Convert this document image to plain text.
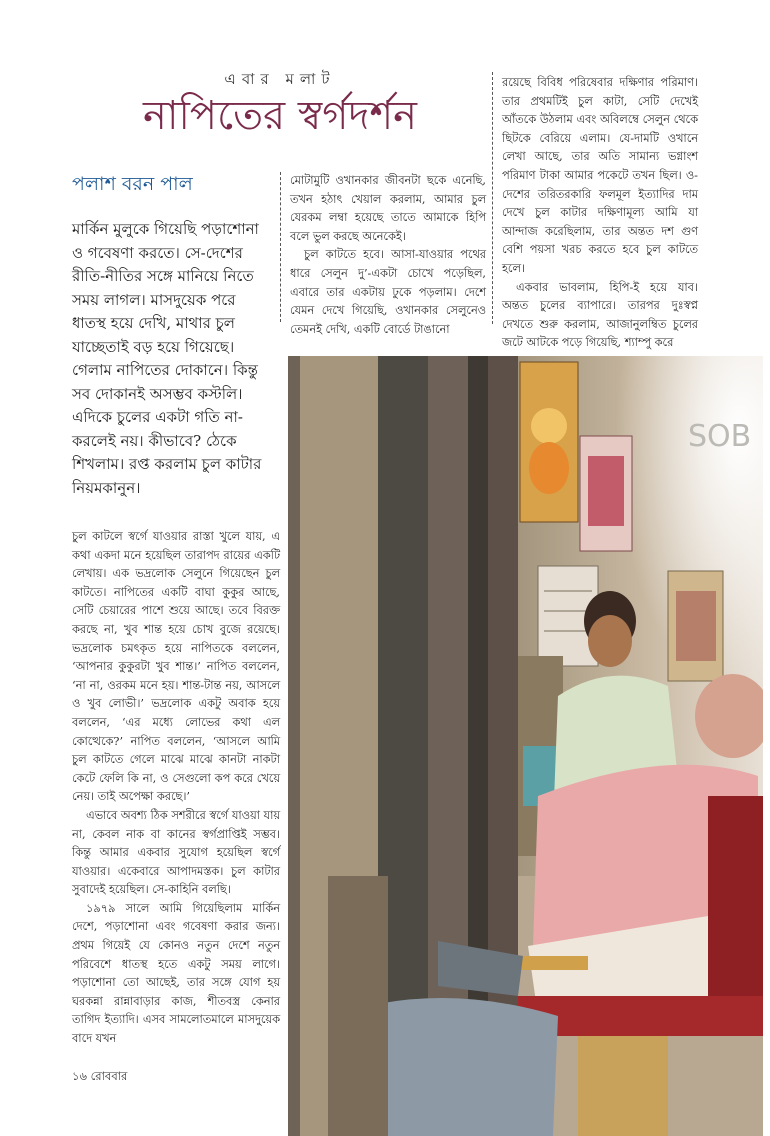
এবার মলাট
নাপিতের স্বর্গদর্শন
পলাশ বরন পাল
মার্কিন মুলুকে গিয়েছি পড়াশোনা ও গবেষণা করতে। সে-দেশের রীতি-নীতির সঙ্গে মানিয়ে নিতে সময় লাগল। মাসদুয়েক পরে ধাতস্থ হয়ে দেখি, মাথার চুল যাচ্ছেতাই বড় হয়ে গিয়েছে। গেলাম নাপিতের দোকানে। কিন্তু সব দোকানই অসম্ভব কস্টলি। এদিকে চুলের একটা গতি না-করলেই নয়। কীভাবে? ঠেকে শিখলাম। রপ্ত করলাম চুল কাটার নিয়মকানুন।

চুল কাটলে স্বর্গে যাওয়ার রাস্তা খুলে যায়, এ কথা একদা মনে হয়েছিল তারাপদ রায়ের একটি লেখায়। এক ভদ্রলোক সেলুনে গিয়েছেন চুল কাটতে। নাপিতের একটি বাঘা কুকুর আছে, সেটি চেয়ারের পাশে শুয়ে আছে। তবে বিরক্ত করছে না, খুব শান্ত হয়ে চোখ বুজে রয়েছে। ভদ্রলোক চমৎকৃত হয়ে নাপিতকে বললেন, ‘আপনার কুকুরটা খুব শান্ত।’ নাপিত বললেন, ‘না না, ওরকম মনে হয়। শান্ত-টান্ত নয়, আসলে ও খুব লোভী।’ ভদ্রলোক একটু অবাক হয়ে বললেন, ‘এর মধ্যে লোভের কথা এল কোত্থেকে?’ নাপিত বললেন, ‘আসলে আমি চুল কাটতে গেলে মাঝে মাঝে কানটা নাকটা কেটে ফেলি কি না, ও সেগুলো কপ করে খেয়ে নেয়। তাই অপেক্ষা করছে।’

এভাবে অবশ্য ঠিক সশরীরে স্বর্গে যাওয়া যায় না, কেবল নাক বা কানের স্বর্গপ্রাপ্তিই সম্ভব। কিন্তু আমার একবার সুযোগ হয়েছিল স্বর্গে যাওয়ার। একেবারে আপাদমস্তক। চুল কাটার সুবাদেই হয়েছিল। সে-কাহিনি বলছি।

১৯৭৯ সালে আমি গিয়েছিলাম মার্কিন দেশে, পড়াশোনা এবং গবেষণা করার জন্য। প্রথম গিয়েই যে কোনও নতুন দেশে নতুন পরিবেশে ধাতস্থ হতে একটু সময় লাগে। পড়াশোনা তো আছেই, তার সঙ্গে যোগ হয় ঘরকন্না রান্নাবাড়ার কাজ, শীতবস্ত্র কেনার তাগিদ ইত্যাদি। এসব সামলোতমালে মাসদুয়েক বাদে যখন

মোটামুটি ওখানকার জীবনটা ছকে এনেছি, তখন হঠাৎ খেয়াল করলাম, আমার চুল যেরকম লম্বা হয়েছে তাতে আমাকে হিপি বলে ভুল করছে অনেকেই।

চুল কাটতে হবে। আসা-যাওয়ার পথের ধারে সেলুন দু’-একটা চোখে পড়েছিল, এবারে তার একটায় ঢুকে পড়লাম। দেশে যেমন দেখে গিয়েছি, ওখানকার সেলুনেও তেমনই দেখি, একটি বোর্ডে টাঙানো

রয়েছে বিবিধ পরিষেবার দক্ষিণার পরিমাণ। তার প্রথমটিই চুল কাটা, সেটি দেখেই আঁতকে উঠলাম এবং অবিলম্বে সেলুন থেকে ছিটকে বেরিয়ে এলাম। যে-দামটি ওখানে লেখা আছে, তার অতি সামান্য ভগ্নাংশ পরিমাণ টাকা আমার পকেটে তখন ছিল। ও-দেশের তরিতরকারি ফলমূল ইত্যাদির দাম দেখে চুল কাটার দক্ষিণামূল্য আমি যা আন্দাজ করেছিলাম, তার অন্তত দশ গুণ বেশি পয়সা খরচ করতে হবে চুল কাটতে হলে।

একবার ভাবলাম, হিপি-ই হয়ে যাব। অন্তত চুলের ব্যাপারে। তারপর দুঃস্বপ্ন দেখতে শুরু করলাম, আজানুলম্বিত চুলের জটে আটকে পড়ে গিয়েছি, শ্যাম্পু করে

SOB
১৬ রোববার
